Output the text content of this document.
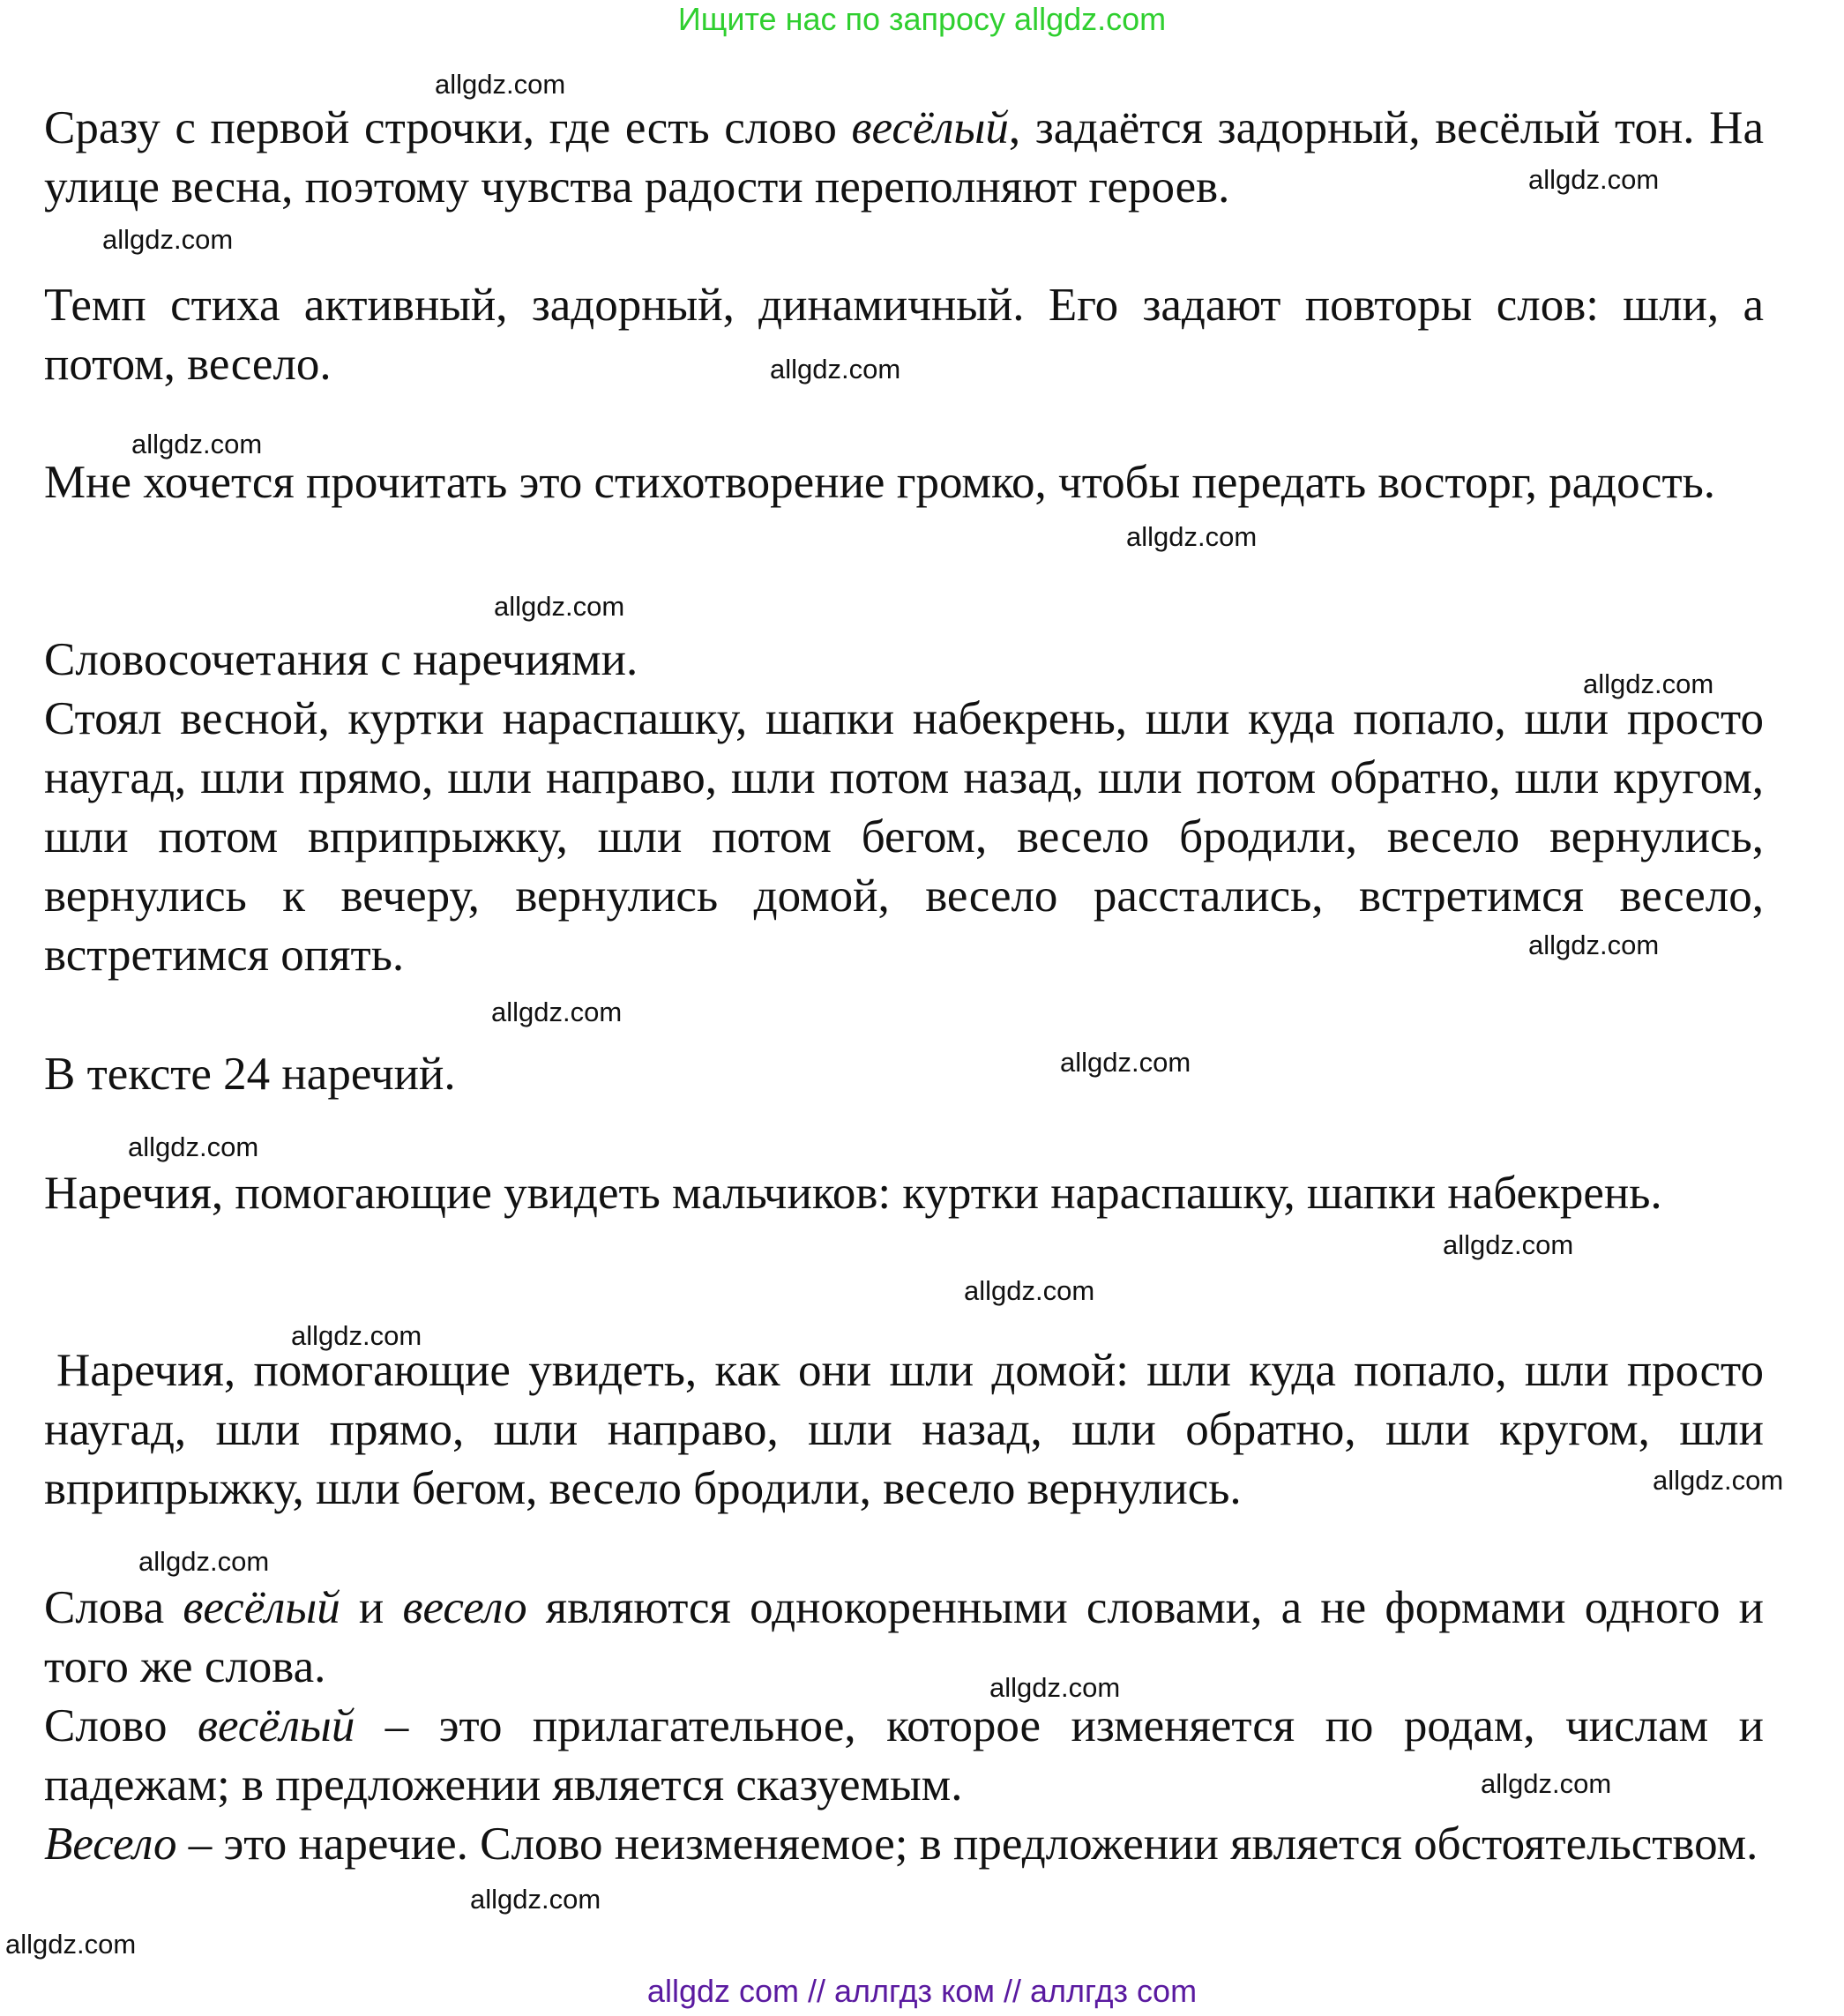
Ищите нас по запросу allgdz.com

Сразу с первой строчки, где есть слово весёлый, задаётся задорный, весёлый тон. На улице весна, поэтому чувства радости переполняют героев.

Темп стиха активный, задорный, динамичный. Его задают повторы слов: шли, а потом, весело.

Мне хочется прочитать это стихотворение громко, чтобы передать восторг, радость.

Словосочетания с наречиями.

Стоял весной, куртки нараспашку, шапки набекрень, шли куда попало, шли просто наугад, шли прямо, шли направо, шли потом назад, шли потом обратно, шли кругом, шли потом вприпрыжку, шли потом бегом, весело бродили, весело вернулись, вернулись к вечеру, вернулись домой, весело расстались, встретимся весело, встретимся опять.

В тексте 24 наречий.

Наречия, помогающие увидеть мальчиков: куртки нараспашку, шапки набекрень.

Наречия, помогающие увидеть, как они шли домой: шли куда попало, шли просто наугад, шли прямо, шли направо, шли назад, шли обратно, шли кругом, шли вприпрыжку, шли бегом, весело бродили, весело вернулись.

Слова весёлый и весело являются однокоренными словами, а не формами одного и того же слова.

Слово весёлый – это прилагательное, которое изменяется по родам, числам и падежам; в предложении является сказуемым.

Весело – это наречие. Слово неизменяемое; в предложении является обстоятельством.

allgdz.com
allgdz.com
allgdz.com
allgdz.com
allgdz.com
allgdz.com
allgdz.com
allgdz.com
allgdz.com
allgdz.com
allgdz.com
allgdz.com
allgdz.com
allgdz.com
allgdz.com
allgdz.com
allgdz.com
allgdz.com
allgdz.com
allgdz.com
allgdz.com
allgdz com // аллгдз ком // аллгдз com
